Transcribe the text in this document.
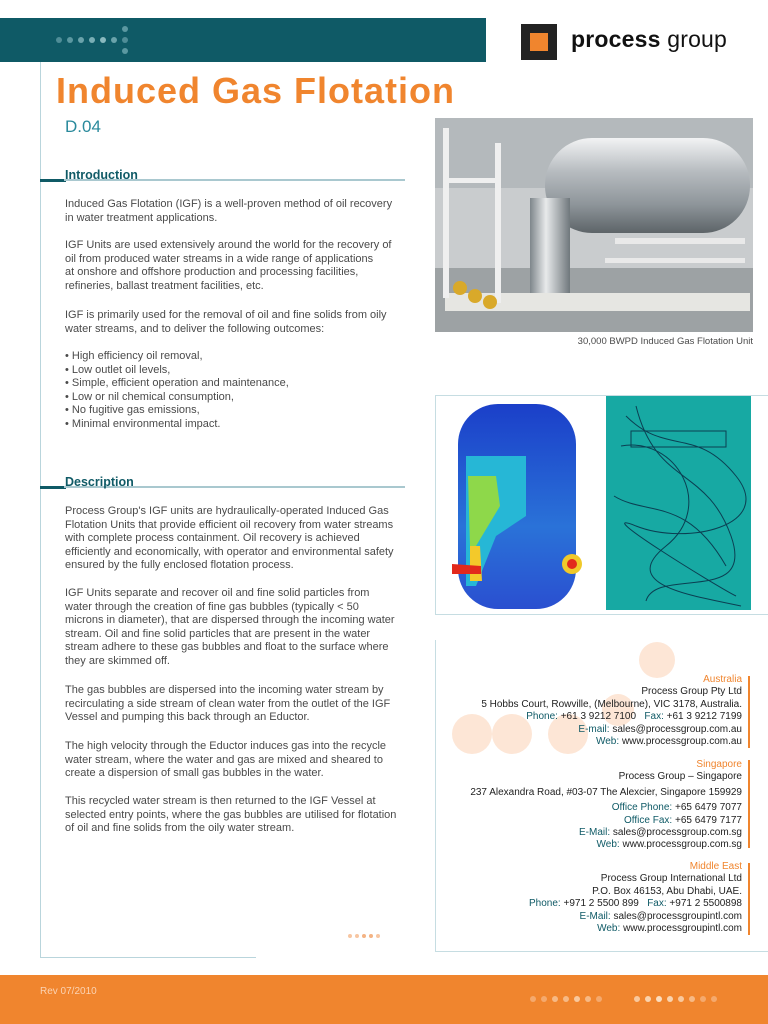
process group
Induced Gas Flotation
D.04
Introduction

Induced Gas Flotation (IGF) is a well-proven method of oil recovery

in water treatment applications.

IGF Units are used extensively around the world for the recovery of

oil from produced water streams in a wide range of applications

at onshore and offshore production and processing facilities,

refineries, ballast treatment facilities, etc.

IGF is primarily used for the removal of oil and fine solids from oily

water streams, and to deliver the following outcomes:

• High efficiency oil removal,
• Low outlet oil levels,
• Simple, efficient operation and maintenance,
• Low or nil chemical consumption,
• No fugitive gas emissions,
• Minimal environmental impact.
Description

Process Group's IGF units are hydraulically-operated Induced Gas

Flotation Units that provide efficient oil recovery from water streams

with complete process containment. Oil recovery is achieved

efficiently and economically, with operator and environmental safety

ensured by the fully enclosed flotation process.

IGF Units separate and recover oil and fine solid particles from

water through the creation of fine gas bubbles (typically < 50

microns in diameter), that are dispersed through the incoming water

stream. Oil and fine solid particles that are present in the water

stream adhere to these gas bubbles and float to the surface where

they are skimmed off.

The gas bubbles are dispersed into the incoming water stream by

recirculating a side stream of clean water from the outlet of the IGF

Vessel and pumping this back through an Eductor.

The high velocity through the Eductor induces gas into the recycle

water stream, where the water and gas are mixed and sheared to

create a dispersion of small gas bubbles in the water.

This recycled water stream is then returned to the IGF Vessel at

selected entry points, where the gas bubbles are utilised for flotation

of oil and fine solids from the oily water stream.

30,000 BWPD Induced Gas Flotation Unit
Australia
Process Group Pty Ltd
5 Hobbs Court, Rowville, (Melbourne), VIC 3178, Australia.
Phone: +61 3 9212 7100 Fax: +61 3 9212 7199
E-mail: sales@processgroup.com.au
Web: www.processgroup.com.au
Singapore
Process Group – Singapore
237 Alexandra Road, #03-07 The Alexcier, Singapore 159929
Office Phone: +65 6479 7077
Office Fax: +65 6479 7177
E-Mail: sales@processgroup.com.sg
Web: www.processgroup.com.sg
Middle East
Process Group International Ltd
P.O. Box 46153, Abu Dhabi, UAE.
Phone: +971 2 5500 899 Fax: +971 2 5500898
E-Mail: sales@processgroupintl.com
Web: www.processgroupintl.com
Rev 07/2010
